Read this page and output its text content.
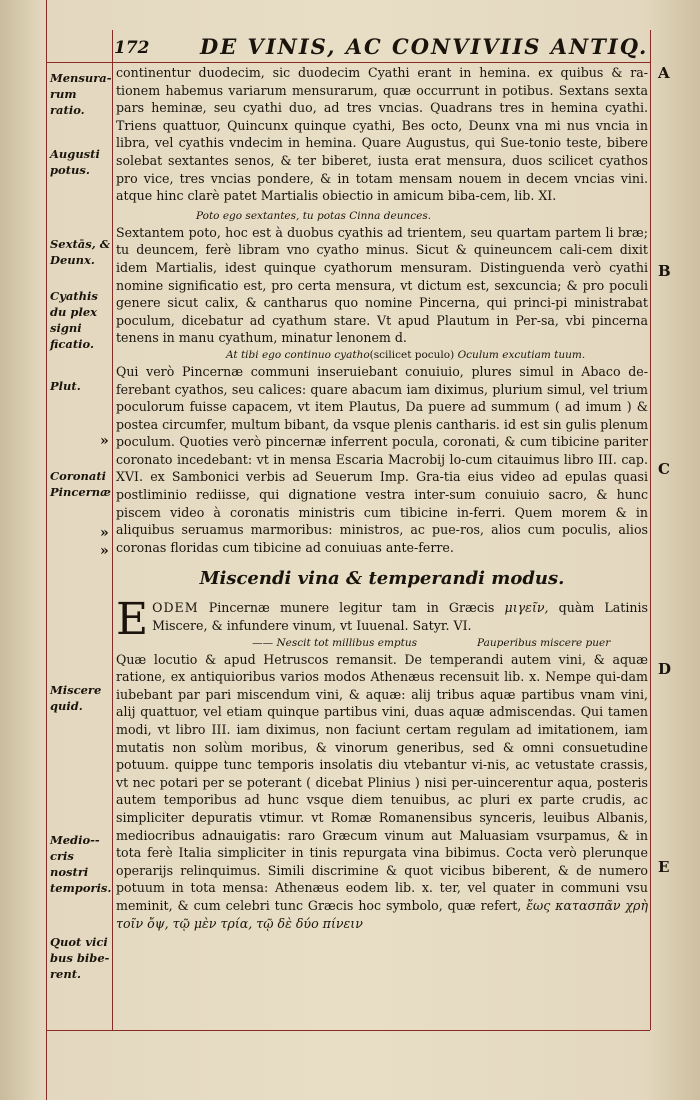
172 DE VINIS, AC CONVIVIIS ANTIQ.
Mensura-rum ratio.
Augusti potus.
Sextās, & Deunx.
Cyathis du plex signi ficatio.
Plut.
»
Coronati Pincernæ
»
»
Miscere quid.
Medio-- cris nostri temporis.
Quot vici bus bibe-rent.
A
B
C
D
E

continentur duodecim, sic duodecim Cyathi erant in hemina. ex quibus & ra-tionem habemus variarum mensurarum, quæ occurrunt in potibus. Sextans sexta pars heminæ, seu cyathi duo, ad tres vncias. Quadrans tres in hemina cyathi. Triens quattuor, Quincunx quinque cyathi, Bes octo, Deunx vna mi nus vncia in libra, vel cyathis vndecim in hemina. Quare Augustus, qui Sue-tonio teste, bibere solebat sextantes senos, & ter biberet, iusta erat mensura, duos scilicet cyathos pro vice, tres vncias pondere, & in totam mensam nouem in decem vncias vini. atque hinc clarè patet Martialis obiectio in amicum biba-cem, lib. XI.

Poto ego sextantes, tu potas Cinna deunces.

Sextantem poto, hoc est à duobus cyathis ad trientem, seu quartam partem li bræ; tu deuncem, ferè libram vno cyatho minus. Sicut & quineuncem cali-cem dixit idem Martialis, idest quinque cyathorum mensuram. Distinguenda verò cyathi nomine significatio est, pro certa mensura, vt dictum est, sexcuncia; & pro poculi genere sicut calix, & cantharus quo nomine Pincerna, qui princi-pi ministrabat poculum, dicebatur ad cyathum stare. Vt apud Plautum in Per-sa, vbi pincerna tenens in manu cyathum, minatur lenonem d.

At tibi ego continuo cyatho(scilicet poculo) Oculum excutiam tuum.

Qui verò Pincernæ communi inseruiebant conuiuio, plures simul in Abaco de-ferebant cyathos, seu calices: quare abacum iam diximus, plurium simul, vel trium poculorum fuisse capacem, vt item Plautus, Da puere ad summum ( ad imum ) & postea circumfer, multum bibant, da vsque plenis cantharis. id est sin gulis plenum poculum. Quoties verò pincernæ inferrent pocula, coronati, & cum tibicine pariter coronato incedebant: vt in mensa Escaria Macrobij lo-cum citauimus libro III. cap. XVI. ex Sambonici verbis ad Seuerum Imp. Gra-tia eius video ad epulas quasi postliminio rediisse, qui dignatione vestra inter-sum conuiuio sacro, & hunc piscem video à coronatis ministris cum tibicine in-ferri. Quem morem & in aliquibus seruamus marmoribus: ministros, ac pue-ros, alios cum poculis, alios coronas floridas cum tibicine ad conuiuas ante-ferre.

Miscendi vina & temperandi modus.

EODEM Pincernæ munere legitur tam in Græcis μιγεῖν, quàm Latinis Miscere, & infundere vinum, vt Iuuenal. Satyr. VI.

—— Nescit tot millibus emptus	Pauperibus miscere puer

Quæ locutio & apud Hetruscos remansit. De temperandi autem vini, & aquæ ratione, ex antiquioribus varios modos Athenæus recensuit lib. x. Nempe qui-dam iubebant par pari miscendum vini, & aquæ: alij tribus aquæ partibus vnam vini, alij quattuor, vel etiam quinque partibus vini, duas aquæ admiscendas. Qui tamen modi, vt libro III. iam diximus, non faciunt certam regulam ad imitationem, iam mutatis non solùm moribus, & vinorum generibus, sed & omni consuetudine potuum. quippe tunc temporis insolatis diu vtebantur vi-nis, ac vetustate crassis, vt nec potari per se poterant ( dicebat Plinius ) nisi per-uincerentur aqua, posteris autem temporibus ad hunc vsque diem tenuibus, ac pluri ex parte crudis, ac simpliciter depuratis vtimur. vt Romæ Romanensibus synceris, leuibus Albanis, mediocribus adnauigatis: raro Græcum vinum aut Maluasiam vsurpamus, & in tota ferè Italia simpliciter in tinis repurgata vina bibimus. Cocta verò plerunque operarijs relinquimus. Simili discrimine & quot vicibus biberent, & de numero potuum in tota mensa: Athenæus eodem lib. x. ter, vel quater in communi vsu meminit, & cum celebri tunc Græcis hoc symbolo, quæ refert, ἔως κατασπᾶν χρὴ τοῖν ὄψ, τῷ μὲν τρία, τῷ δὲ δύο πίνειν
